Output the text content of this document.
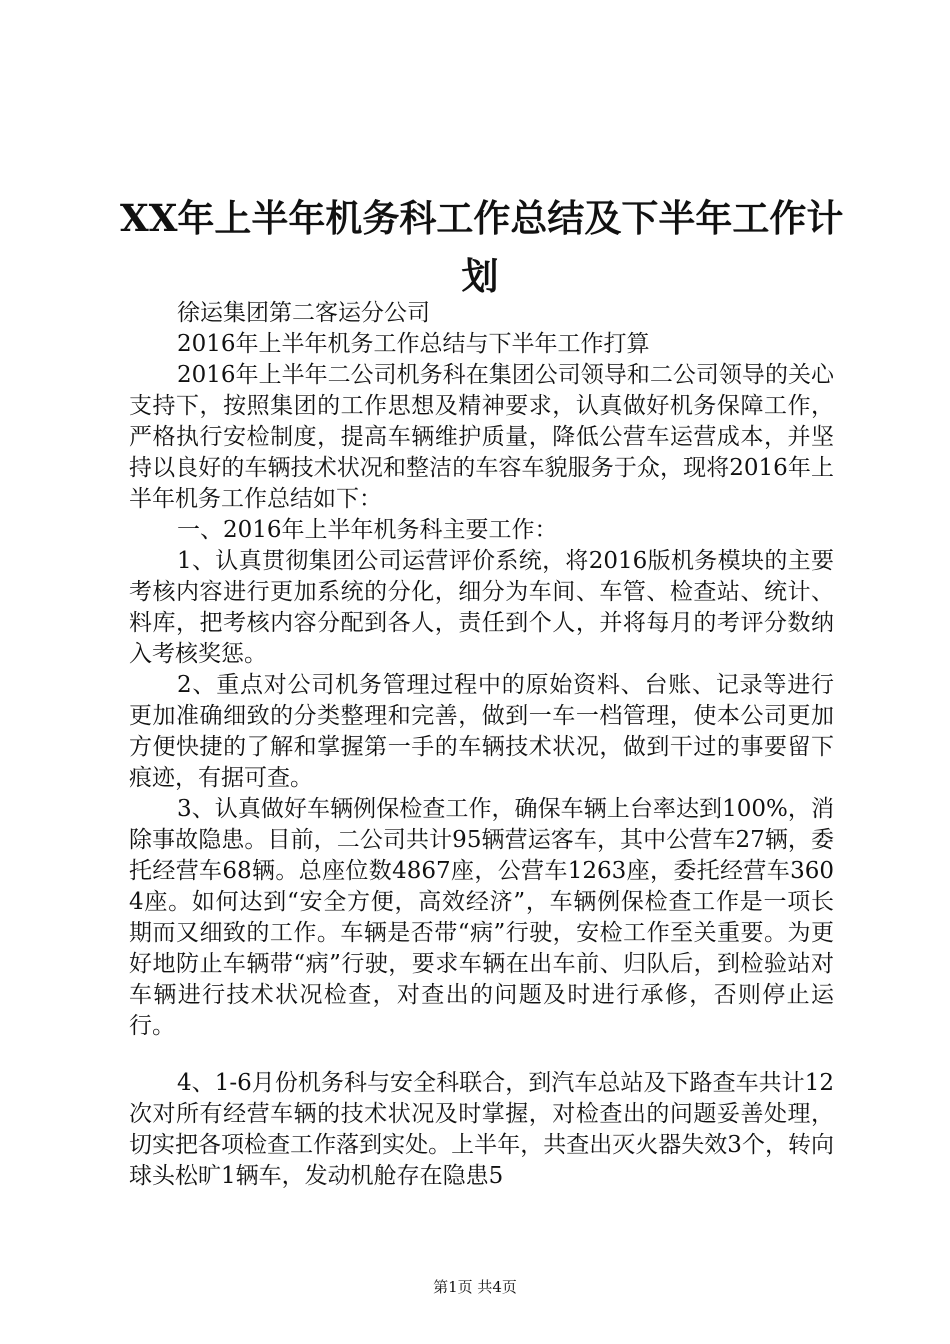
XX年上半年机务科工作总结及下半年工作计
划

徐运集团第二客运分公司

2016年上半年机务工作总结与下半年工作打算

2016年上半年二公司机务科在集团公司领导和二公司领导的关心支持下，按照集团的工作思想及精神要求，认真做好机务保障工作，严格执行安检制度，提高车辆维护质量，降低公营车运营成本，并坚持以良好的车辆技术状况和整洁的车容车貌服务于众，现将2016年上半年机务工作总结如下：

一、2016年上半年机务科主要工作：

1、认真贯彻集团公司运营评价系统，将2016版机务模块的主要考核内容进行更加系统的分化，细分为车间、车管、检查站、统计、料库，把考核内容分配到各人，责任到个人，并将每月的考评分数纳入考核奖惩。

2、重点对公司机务管理过程中的原始资料、台账、记录等进行更加准确细致的分类整理和完善，做到一车一档管理，使本公司更加方便快捷的了解和掌握第一手的车辆技术状况，做到干过的事要留下痕迹，有据可查。

3、认真做好车辆例保检查工作，确保车辆上台率达到100%，消除事故隐患。目前，二公司共计95辆营运客车，其中公营车27辆，委托经营车68辆。总座位数4867座，公营车1263座，委托经营车3604座。如何达到“安全方便，高效经济”，车辆例保检查工作是一项长期而又细致的工作。车辆是否带“病”行驶，安检工作至关重要。为更好地防止车辆带“病”行驶，要求车辆在出车前、归队后，到检验站对车辆进行技术状况检查，对查出的问题及时进行承修，否则停止运行。

4、1-6月份机务科与安全科联合，到汽车总站及下路查车共计12次对所有经营车辆的技术状况及时掌握，对检查出的问题妥善处理，切实把各项检查工作落到实处。上半年，共查出灭火器失效3个，转向球头松旷1辆车，发动机舱存在隐患5

第1页 共4页
